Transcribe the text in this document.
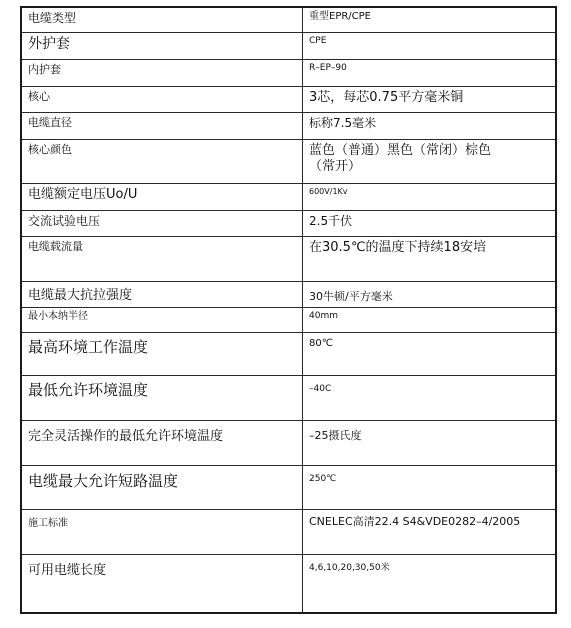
电缆类型	重型EPR/CPE
外护套	CPE
内护套	R–EP–90
核心	3芯，每芯0.75平方毫米铜
电缆直径	标称7.5毫米
核心颜色	蓝色（普通）黑色（常闭）棕色（常开）

电缆额定电压Uo/U	600V/1Kv
交流试验电压	2.5千伏
电缆载流量	在30.5℃的温度下持续18安培
电缆最大抗拉强度	30牛顿/平方毫米
最小本纳半径	40mm
最高环境工作温度	80℃
最低允许环境温度	–40C
完全灵活操作的最低允许环境温度	–25摄氏度
电缆最大允许短路温度	250℃
施工标准	CNELEC高清22.4 S4&VDE0282–4/2005
可用电缆长度	4,6,10,20,30,50米
